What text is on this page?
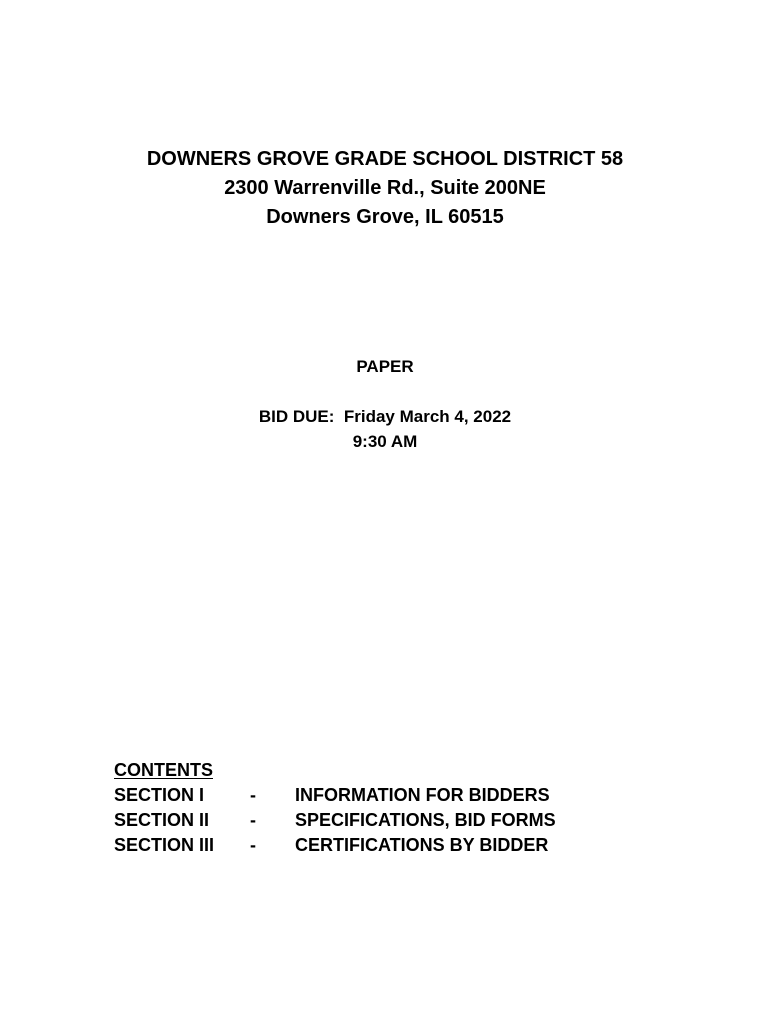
DOWNERS GROVE GRADE SCHOOL DISTRICT 58
2300 Warrenville Rd., Suite 200NE
Downers Grove, IL 60515
PAPER
BID DUE:  Friday March 4, 2022
9:30 AM
CONTENTS
SECTION I	-	INFORMATION FOR BIDDERS
SECTION II	-	SPECIFICATIONS, BID FORMS
SECTION III	-	CERTIFICATIONS BY BIDDER
